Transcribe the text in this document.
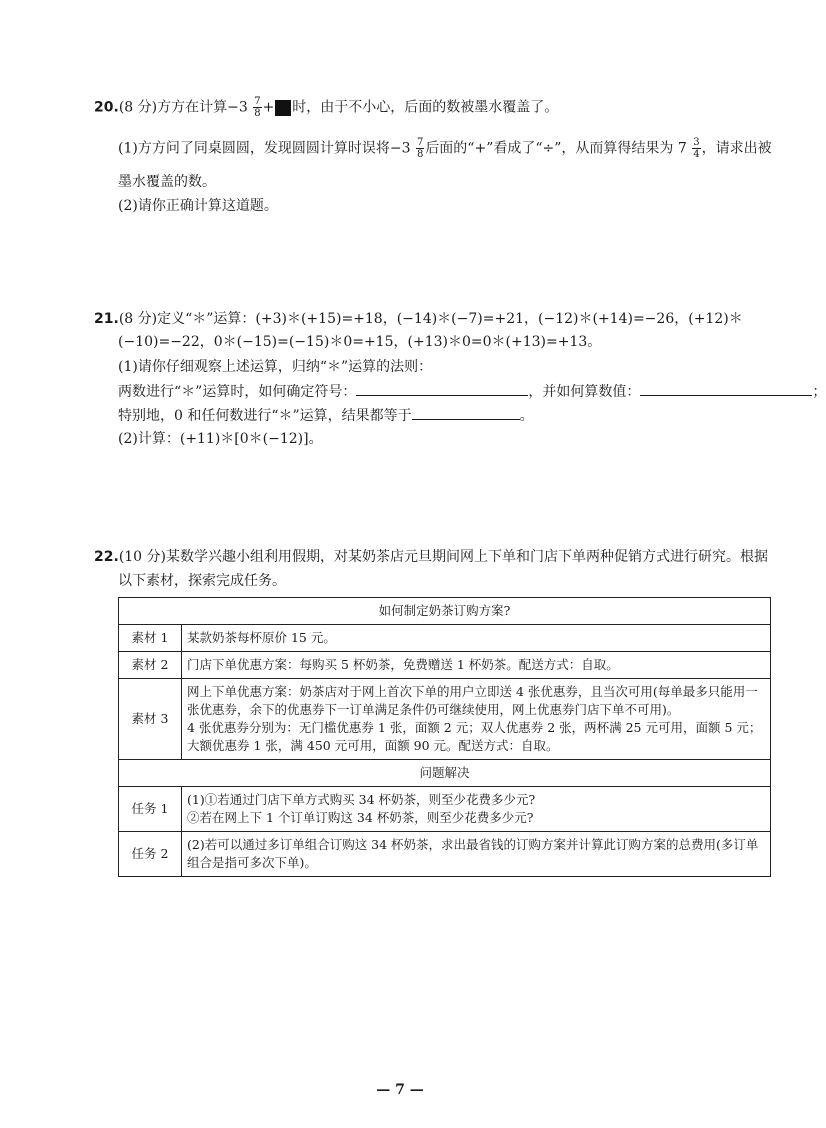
20.(8 分)方方在计算$-3 \frac{7}{8}$ + 时，由于不小心，后面的数被墨水覆盖了。
(1)方方问了同桌圆圆，发现圆圆计算时误将$-3 \frac{7}{8}$ 后面的“+”看成了“÷”，从而算得结果为 $7 \frac{3}{4}$ ，请求出被
墨水覆盖的数。
(2)请你正确计算这道题。
21.(8 分)定义“＊”运算：(+3)＊(+15)=+18，(−14)＊(−7)=+21，(−12)＊(+14)=−26，(+12)＊
(−10)=−22，0＊(−15)=(−15)＊0=+15，(+13)＊0=0＊(+13)=+13。
(1)请你仔细观察上述运算，归纳“＊”运算的法则：
两数进行“＊”运算时，如何确定符号：	，并如何算数值：	；
特别地，0 和任何数进行“＊”运算，结果都等于	。
(2)计算：(+11)＊[0＊(−12)]。
22.(10 分)某数学兴趣小组利用假期，对某奶茶店元旦期间网上下单和门店下单两种促销方式进行研究。根据
以下素材，探索完成任务。
如何制定奶茶订购方案?	
素材 1	某款奶茶每杯原价 15 元。
素材 2	门店下单优惠方案：每购买 5 杯奶茶，免费赠送 1 杯奶茶。配送方式：自取。
素材 3	网上下单优惠方案：奶茶店对于网上首次下单的用户立即送 4 张优惠券，且当次可用(每单最多只能用一张优惠券，余下的优惠券下一订单满足条件仍可继续使用，网上优惠券门店下单不可用)。
4 张优惠券分别为：无门槛优惠券 1 张，面额 2 元；双人优惠券 2 张，两杯满 25 元可用，面额 5 元；大额优惠券 1 张，满 450 元可用，面额 90 元。配送方式：自取。

问题解决	
任务 1	(1)①若通过门店下单方式购买 34 杯奶茶，则至少花费多少元?
②若在网上下 1 个订单订购这 34 杯奶茶，则至少花费多少元?

任务 2	(2)若可以通过多订单组合订购这 34 杯奶茶，求出最省钱的订购方案并计算此订购方案的总费用(多订单组合是指可多次下单)。
— 7 —
